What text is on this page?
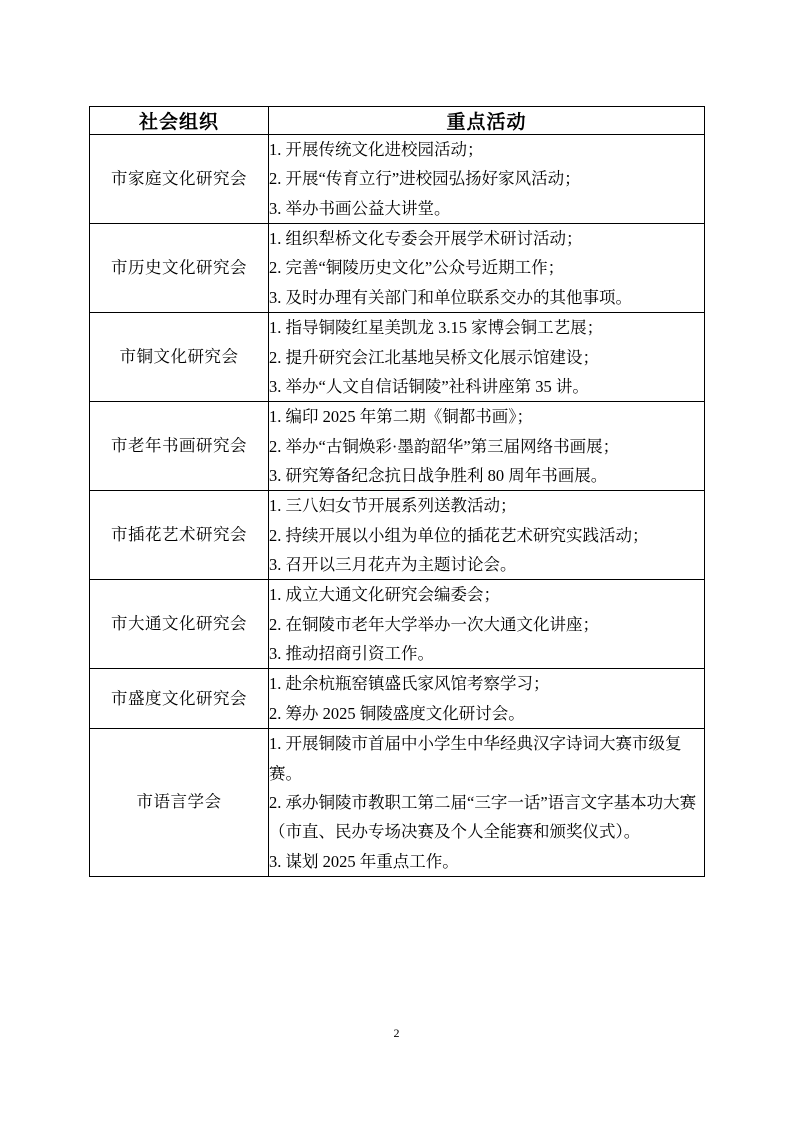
社会组织	重点活动
市家庭文化研究会	1. 开展传统文化进校园活动；
2. 开展“传育立行”进校园弘扬好家风活动；
3. 举办书画公益大讲堂。

市历史文化研究会	1. 组织犁桥文化专委会开展学术研讨活动；
2. 完善“铜陵历史文化”公众号近期工作；
3. 及时办理有关部门和单位联系交办的其他事项。

市铜文化研究会	1. 指导铜陵红星美凯龙 3.15 家博会铜工艺展；
2. 提升研究会江北基地吴桥文化展示馆建设；
3. 举办“人文自信话铜陵”社科讲座第 35 讲。

市老年书画研究会	1. 编印 2025 年第二期《铜都书画》；
2. 举办“古铜焕彩·墨韵韶华”第三届网络书画展；
3. 研究筹备纪念抗日战争胜利 80 周年书画展。

市插花艺术研究会	1. 三八妇女节开展系列送教活动；
2. 持续开展以小组为单位的插花艺术研究实践活动；
3. 召开以三月花卉为主题讨论会。

市大通文化研究会	1. 成立大通文化研究会编委会；
2. 在铜陵市老年大学举办一次大通文化讲座；
3. 推动招商引资工作。

市盛度文化研究会	1. 赴余杭瓶窑镇盛氏家风馆考察学习；
2. 筹办 2025 铜陵盛度文化研讨会。

市语言学会	1. 开展铜陵市首届中小学生中华经典汉字诗词大赛市级复赛。
2. 承办铜陵市教职工第二届“三字一话”语言文字基本功大赛（市直、民办专场决赛及个人全能赛和颁奖仪式）。
3. 谋划 2025 年重点工作。
2
